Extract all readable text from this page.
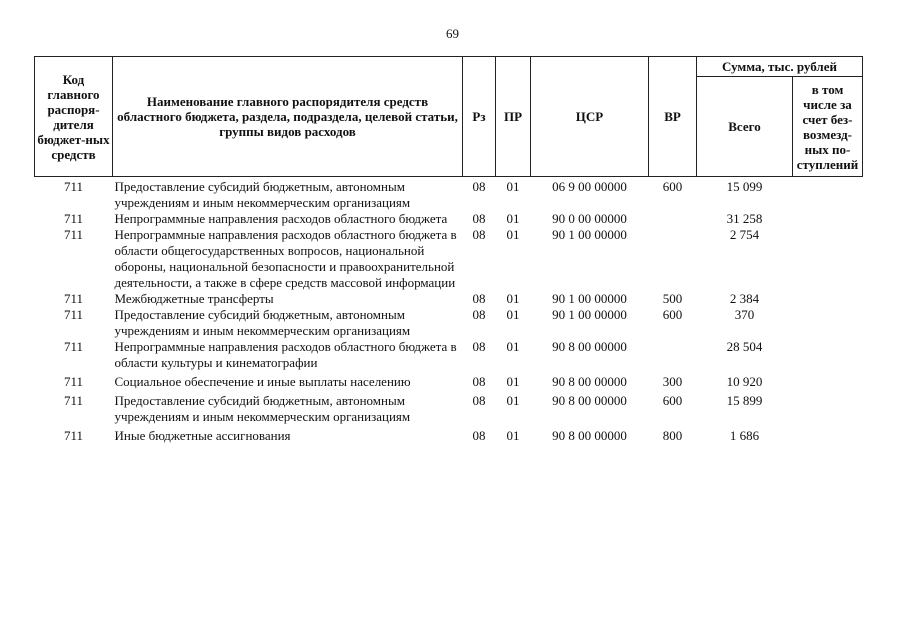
69
Код главного распоря-дителя бюджет-ных средств	Наименование главного распорядителя средств областного бюджета, раздела, подраздела, целевой статьи, группы видов расходов	Рз	ПР	ЦСР	ВР	Сумма, тыс. рублей	
						Всего	в том числе за счет без-возмезд-ных по-ступлений
711	Предоставление субсидий бюджетным, автономным учреждениям и иным некоммерческим организациям	08	01	06 9 00 00000	600	15 099	
711	Непрограммные направления расходов областного бюджета	08	01	90 0 00 00000		31 258	
711	Непрограммные направления расходов областного бюджета в области общегосударственных вопросов, национальной обороны, национальной безопасности и правоохранительной деятельности, а также в сфере средств массовой информации	08	01	90 1 00 00000		2 754	
711	Межбюджетные трансферты	08	01	90 1 00 00000	500	2 384	
711	Предоставление субсидий бюджетным, автономным учреждениям и иным некоммерческим организациям	08	01	90 1 00 00000	600	370	
711	Непрограммные направления расходов областного бюджета в области культуры и кинематографии	08	01	90 8 00 00000		28 504	
711	Социальное обеспечение и иные выплаты населению	08	01	90 8 00 00000	300	10 920	
711	Предоставление субсидий бюджетным, автономным учреждениям и иным некоммерческим организациям	08	01	90 8 00 00000	600	15 899	
711	Иные бюджетные ассигнования	08	01	90 8 00 00000	800	1 686	
